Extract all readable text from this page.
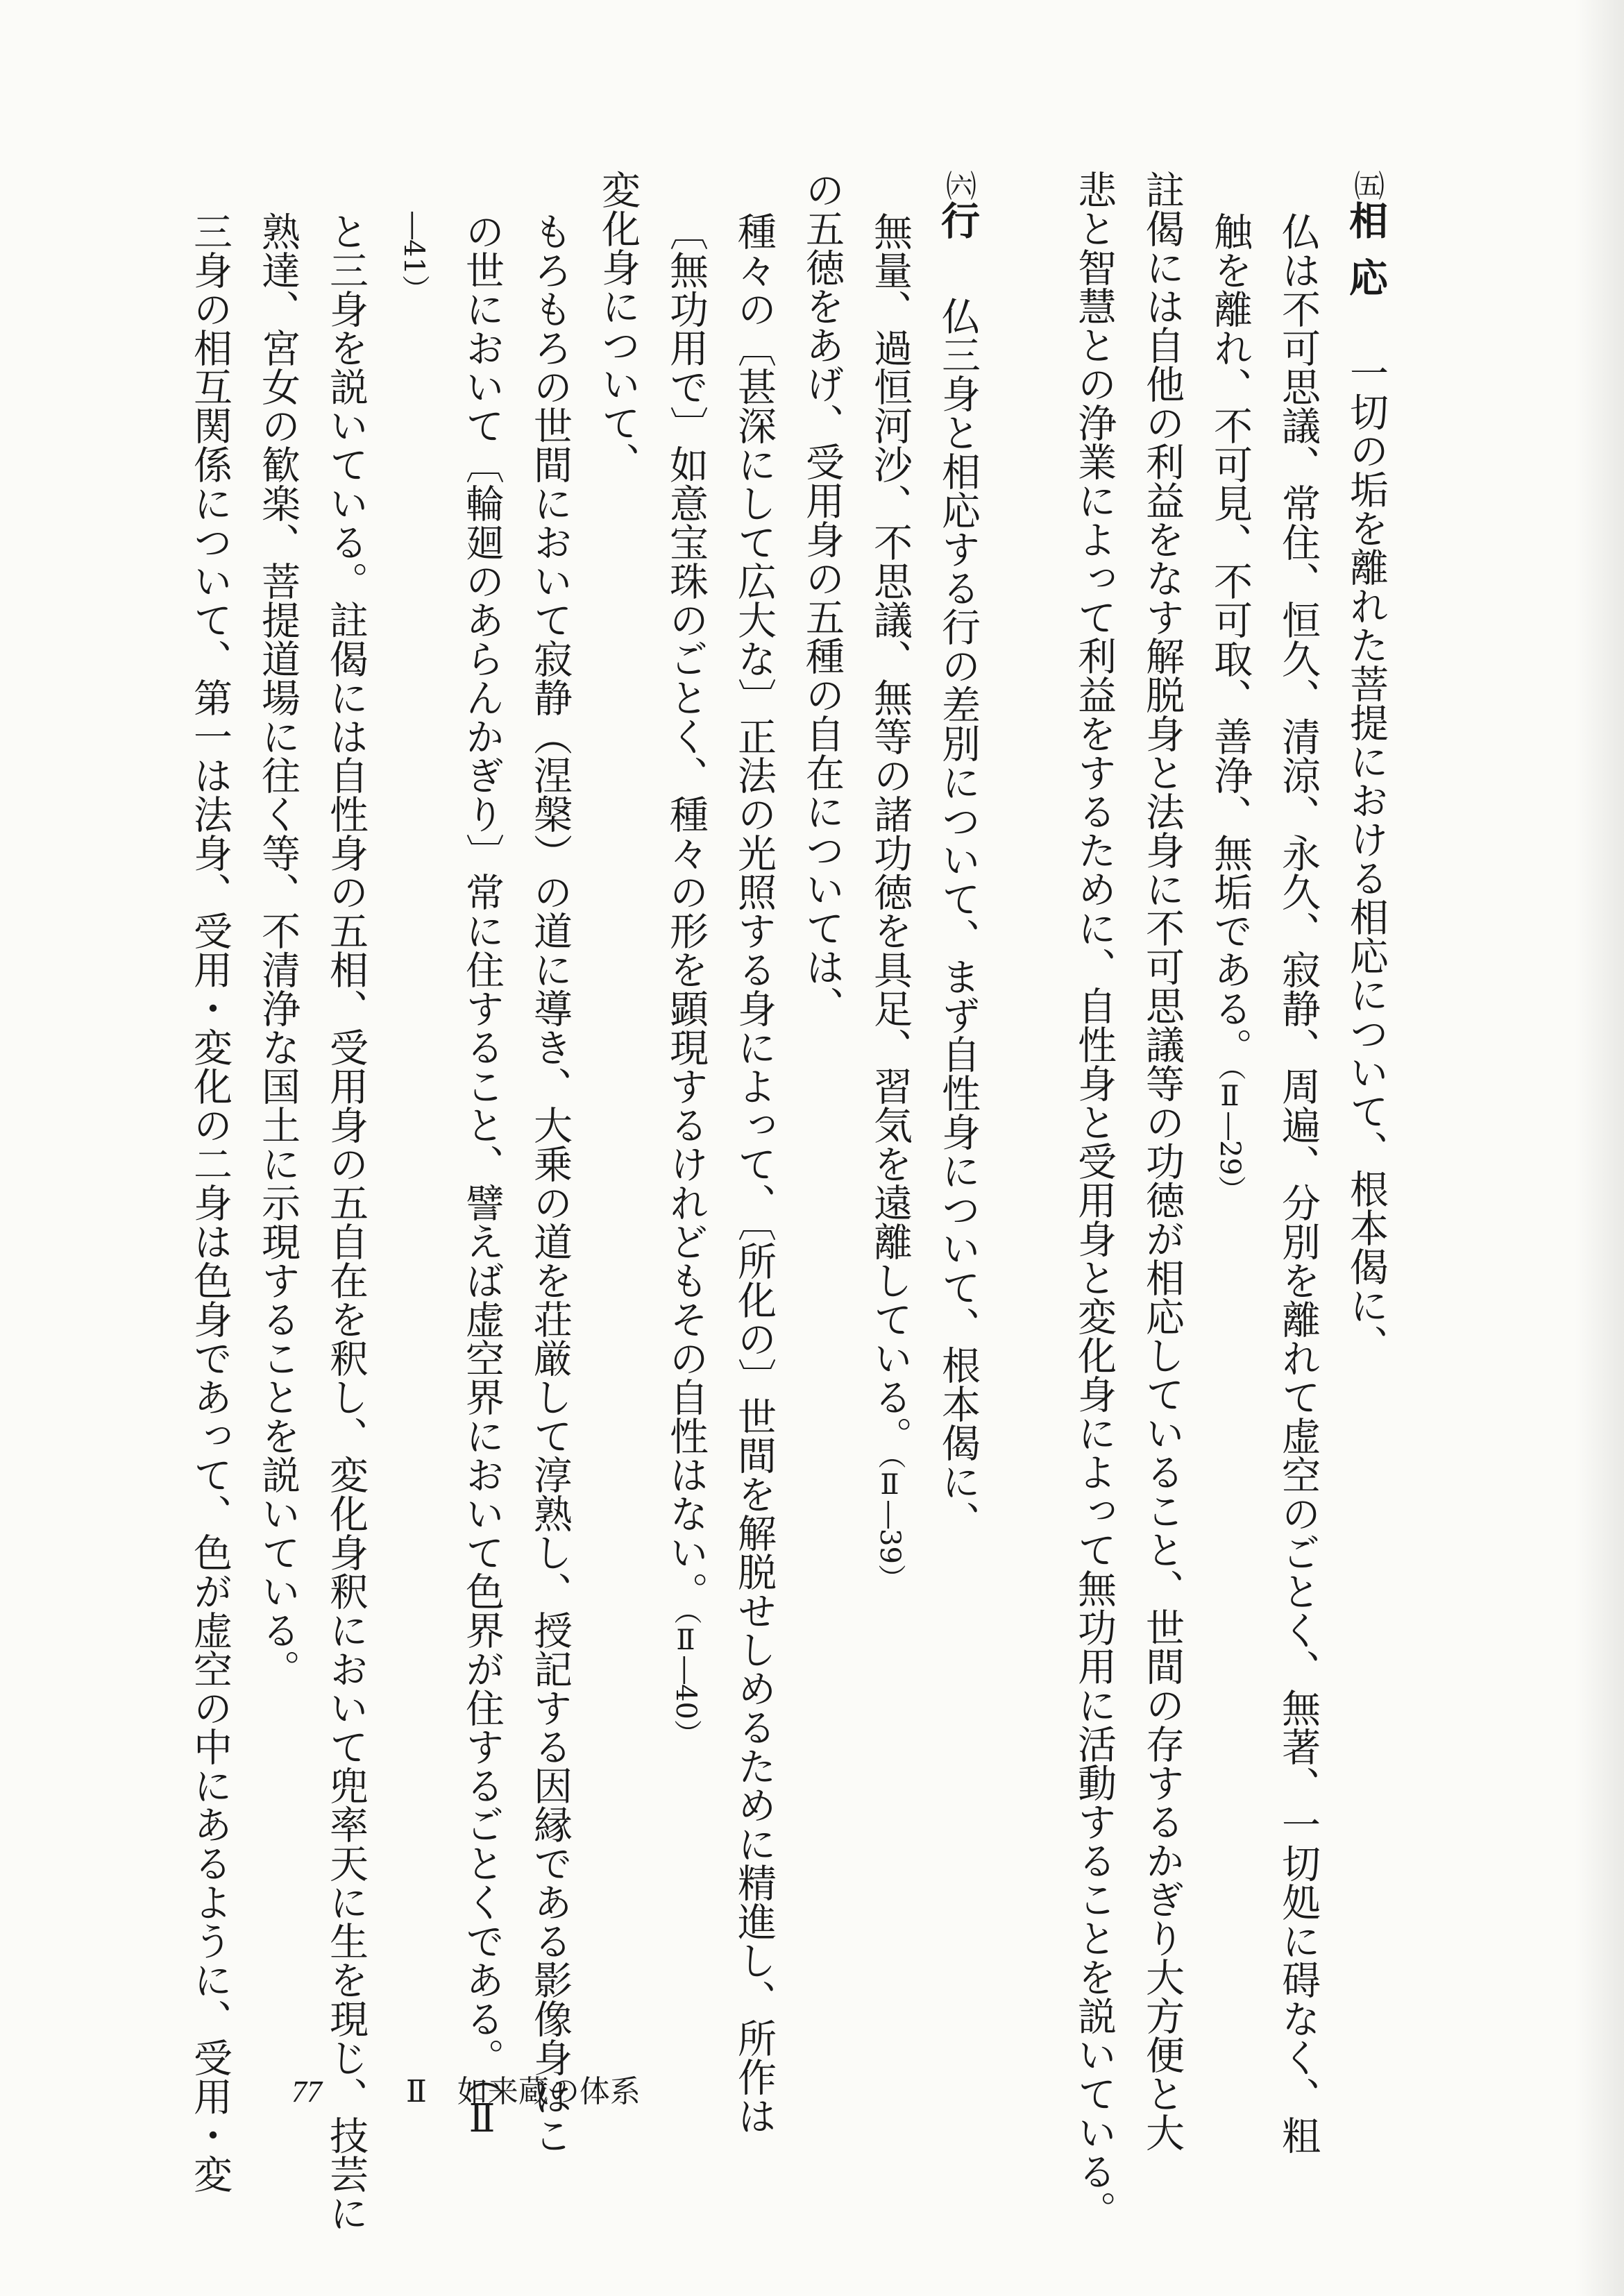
㈤相応　一切の垢を離れた菩提における相応について、根本偈に、
仏は不可思議、常住、恒久、清涼、永久、寂静、周遍、分別を離れて虚空のごとく、無著、一切処に碍なく、粗
触を離れ、不可見、不可取、善浄、無垢である。（Ⅱ―29）
註偈には自他の利益をなす解脱身と法身に不可思議等の功徳が相応していること、世間の存するかぎり大方便と大
悲と智慧との浄業によって利益をするために、自性身と受用身と変化身によって無功用に活動することを説いている。
㈥行　仏三身と相応する行の差別について、まず自性身について、根本偈に、
無量、過恒河沙、不思議、無等の諸功徳を具足、習気を遠離している。（Ⅱ―39）
の五徳をあげ、受用身の五種の自在については、
種々の〔甚深にして広大な〕正法の光照する身によって、〔所化の〕世間を解脱せしめるために精進し、所作は
〔無功用で〕如意宝珠のごとく、種々の形を顕現するけれどもその自性はない。（Ⅱ―40）
変化身について、
もろもろの世間において寂静（涅槃）の道に導き、大乗の道を荘厳して淳熟し、授記する因縁である影像身はこ
の世において〔輪廻のあらんかぎり〕常に住すること、譬えば虚空界において色界が住するごとくである。（Ⅱ
―41）
と三身を説いている。註偈には自性身の五相、受用身の五自在を釈し、変化身釈において兜率天に生を現じ、技芸に
熟達、宮女の歓楽、菩提道場に往く等、不清浄な国土に示現することを説いている。
三身の相互関係について、第一は法身、受用・変化の二身は色身であって、色が虚空の中にあるように、受用・変 77	Ⅱ　如来蔵の体系
